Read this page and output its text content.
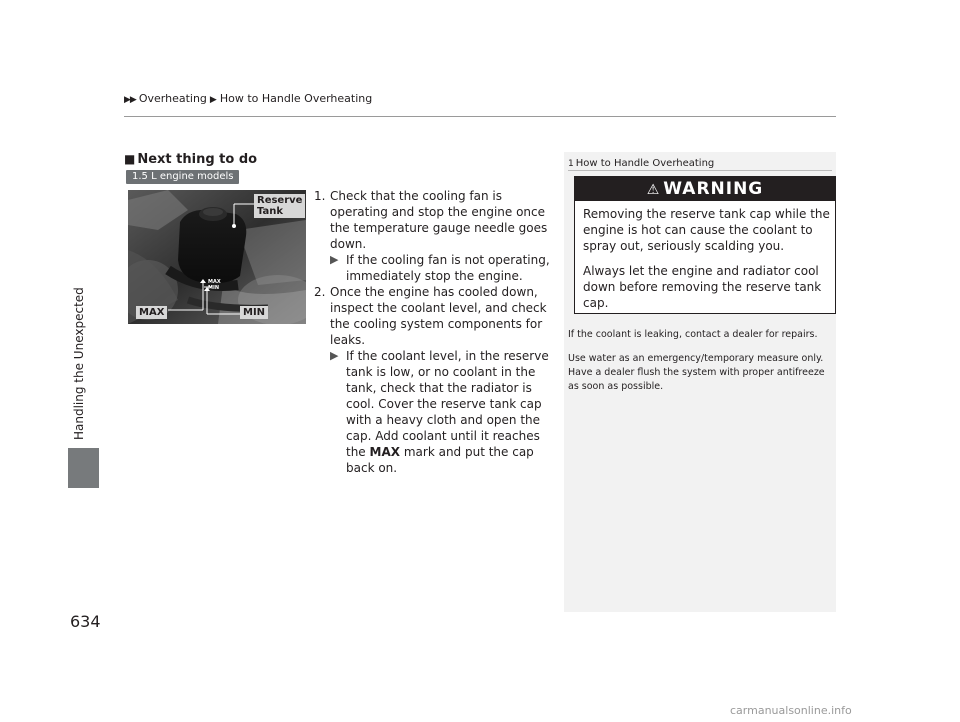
▶▶ Overheating ▶ How to Handle Overheating
Handling the Unexpected
634
■ Next thing to do
1.5 L engine models
Reserve
Tank
MAX	MIN
MAX
MIN
1. Check that the cooling fan is operating and stop the engine once the temperature gauge needle goes down.
▶ If the cooling fan is not operating, immediately stop the engine.
2. Once the engine has cooled down, inspect the coolant level, and check the cooling system components for leaks.
▶ If the coolant level, in the reserve tank is low, or no coolant in the tank, check that the radiator is cool. Cover the reserve tank cap with a heavy cloth and open the cap. Add coolant until it reaches the MAX mark and put the cap back on.
1 How to Handle Overheating
⚠ WARNING

Removing the reserve tank cap while the engine is hot can cause the coolant to spray out, seriously scalding you.

Always let the engine and radiator cool down before removing the reserve tank cap.

If the coolant is leaking, contact a dealer for repairs.

Use water as an emergency/temporary measure only. Have a dealer flush the system with proper antifreeze as soon as possible.

carmanualsonline.info
